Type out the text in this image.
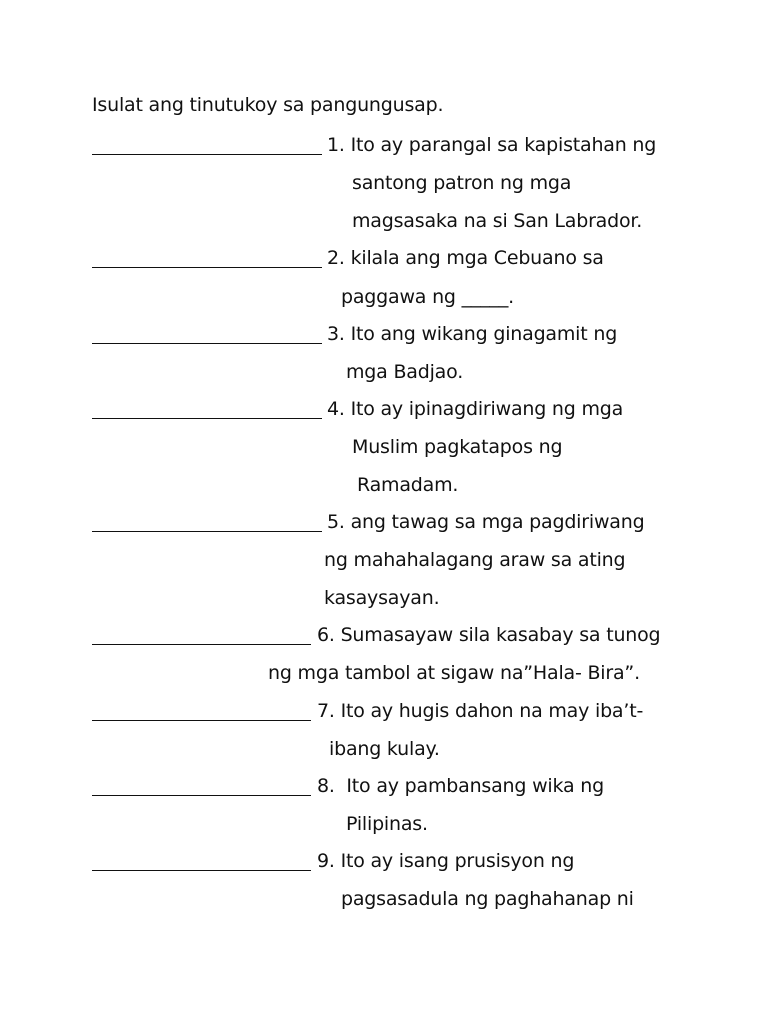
Isulat ang tinutukoy sa pangungusap.
1. Ito ay parangal sa kapistahan ng
santong patron ng mga
magsasaka na si San Labrador.
2. kilala ang mga Cebuano sa
paggawa ng _____.
3. Ito ang wikang ginagamit ng
mga Badjao.
4. Ito ay ipinagdiriwang ng mga
Muslim pagkatapos ng
Ramadam.
5. ang tawag sa mga pagdiriwang
ng mahahalagang araw sa ating
kasaysayan.
6. Sumasayaw sila kasabay sa tunog
ng mga tambol at sigaw na”Hala- Bira”.
7. Ito ay hugis dahon na may iba’t-
ibang kulay.
8.  Ito ay pambansang wika ng
Pilipinas.
9. Ito ay isang prusisyon ng
pagsasadula ng paghahanap ni
